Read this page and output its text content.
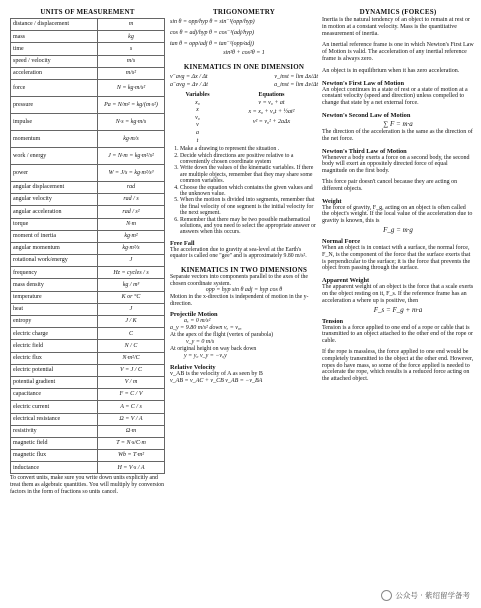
UNITS OF MEASUREMENT
distance / displacement	m
mass	kg
time	s
speed / velocity	m/s
acceleration	m/s²
force	N = kg·m/s²
pressure	Pa = N/m² = kg/(m·s²)
impulse	N·s = kg·m/s
momentum	kg·m/s
work / energy	J = N·m = kg·m²/s²
power	W = J/s = kg·m²/s³
angular displacement	rad
angular velocity	rad / s
angular acceleration	rad / s²
torque	N·m
moment of inertia	kg·m²
angular momentum	kg·m²/s
rotational work/energy	J
frequency	Hz = cycles / s
mass density	kg / m³
temperature	K or °C
heat	J
entropy	J / K
electric charge	C
electric field	N / C
electric flux	N·m²/C
electric potential	V = J / C
potential gradient	V / m
capacitance	F = C / V
electric current	A = C / s
electrical resistance	Ω = V / A
resistivity	Ω·m
magnetic field	T = N·s/C·m
magnetic flux	Wb = T·m²
inductance	H = V·s / A
To convert units, make sure you write down units explicitly and treat them as algebraic quantities. You will multiply by conversion factors in the form of fractions so units cancel.
TRIGONOMETRY
sin θ = opp/hyp θ = sin⁻¹(opp/hyp)
cos θ = adj/hyp θ = cos⁻¹(adj/hyp)
tan θ = opp/adj θ = tan⁻¹(opp/adj)
sin²θ + cos²θ = 1
KINEMATICS IN ONE DIMENSION
v⁻avg = Δx / Δt	v_inst = lim Δx/Δt
a⁻avg = Δv / Δt	a_inst = lim Δv/Δt
Variables
x₀
x
v₀
v
a
t
Equations
v = v₀ + at
x = x₀ + v₀t + ½at²
v² = v₀² + 2aΔx
1. Make a drawing to represent the situation .
2. Decide which directions are positive relative to a conveniently chosen coordinate system
3. Write down the values of the kinematic variables. If there are multiple objects, remember that they may share some common variables.
4. Choose the equation which contains the given values and the unknown value.
5. When the motion is divided into segments, remember that the final velocity of one segment is the initial velocity for the next segment.
6. Remember that there may be two possible mathematical solutions, and you need to select the appropriate answer or answers when this occurs.
Free Fall
The acceleration due to gravity at sea-level at the Earth's equator is called one "gee" and is approximately 9.80 m/s².
KINEMATICS IN TWO DIMENSIONS
Separate vectors into components parallel to the axes of the chosen coordinate system.
opp = hyp sin θ adj = hyp cos θ
Motion in the x-direction is independent of motion in the y-direction.
Projectile Motion
aₓ = 0 m/s²
a_y = 9.80 m/s² down vₓ = v₀ₓ
At the apex of the flight (vertex of parabola)
v_y = 0 m/s
At original height on way back down
y = y₀ v_y = −v₀y
Relative Velocity
v_AB is the velocity of A as seen by B
v_AB = v_AC + v_CB v_AB = −v_BA
DYNAMICS (FORCES)
Inertia is the natural tendency of an object to remain at rest or in motion at a constant velocity. Mass is the quantitative measurement of inertia.
An inertial reference frame is one in which Newton's First Law of Motion is valid. The acceleration of any inertial reference frame is always zero.
An object is in equilibrium when it has zero acceleration.
Newton's First Law of Motion
An object continues in a state of rest or a state of motion at a constant velocity (speed and direction) unless compelled to change that state by a net external force.
Newton's Second Law of Motion
∑ F = m·a
The direction of the acceleration is the same as the direction of the net force.
Newton's Third Law of Motion
Whenever a body exerts a force on a second body, the second body will exert an oppositely directed force of equal magnitude on the first body.
This force pair doesn't cancel because they are acting on different objects.
Weight
The force of gravity, F_g, acting on an object is often called the object's weight. If the local value of the acceleration due to gravity is known, this is
F_g = m·g
Normal Force
When an object is in contact with a surface, the normal force, F_N, is the component of the force that the surface exerts that is perpendicular to the surface; it is the force that prevents the object from passing through the surface.
Apparent Weight
The apparent weight of an object is the force that a scale exerts on the object resting on it, F_s. If the reference frame has an acceleration a where up is positive, then
F_s = F_g + m·a
Tension
Tension is a force applied to one end of a rope or cable that is transmitted to an object attached to the other end of the rope or cable.
If the rope is massless, the force applied to one end would be completely transmitted to the object at the other end. However, ropes do have mass, so some of the force applied is needed to accelerate the rope, which results is a reduced force acting on the attached object.
公众号 · 紫绍留学备考
